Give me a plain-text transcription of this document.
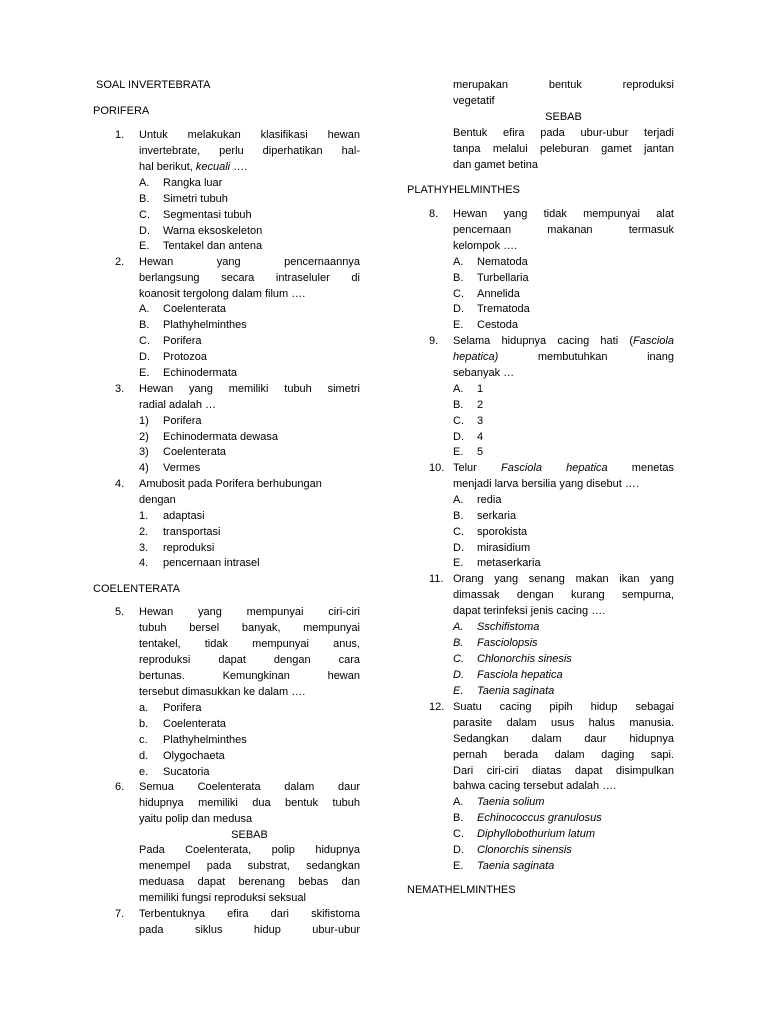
SOAL INVERTEBRATA
PORIFERA
1. Untuk melakukan klasifikasi hewan
invertebrate, perlu diperhatikan hal-
hal berikut, kecuali ….
A. Rangka luar
B. Simetri tubuh
C. Segmentasi tubuh
D. Warna eksoskeleton
E. Tentakel dan antena
2. Hewan yang pencernaannya
berlangsung secara intraseluler di
koanosit tergolong dalam filum ….
A. Coelenterata
B. Plathyhelminthes
C. Porifera
D. Protozoa
E. Echinodermata
3. Hewan yang memiliki tubuh simetri
radial adalah …
1) Porifera
2) Echinodermata dewasa
3) Coelenterata
4) Vermes
4. Amubosit pada Porifera berhubungan
dengan
1. adaptasi
2. transportasi
3. reproduksi
4. pencernaan intrasel
COELENTERATA
5. Hewan yang mempunyai ciri-ciri
tubuh bersel banyak, mempunyai
tentakel, tidak mempunyai anus,
reproduksi dapat dengan cara
bertunas. Kemungkinan hewan
tersebut dimasukkan ke dalam ….
a. Porifera
b. Coelenterata
c. Plathyhelminthes
d. Olygochaeta
e. Sucatoria
6. Semua Coelenterata dalam daur
hidupnya memiliki dua bentuk tubuh
yaitu polip dan medusa
SEBAB
Pada Coelenterata, polip hidupnya
menempel pada substrat, sedangkan
meduasa dapat berenang bebas dan
memiliki fungsi reproduksi seksual
7. Terbentuknya efira dari skifistoma
pada siklus hidup ubur-ubur
merupakan bentuk reproduksi
vegetatif
SEBAB
Bentuk efira pada ubur-ubur terjadi
tanpa melalui peleburan gamet jantan
dan gamet betina
PLATHYHELMINTHES
8. Hewan yang tidak mempunyai alat
pencernaan makanan termasuk
kelompok ….
A. Nematoda
B. Turbellaria
C. Annelida
D. Trematoda
E. Cestoda
9. Selama hidupnya cacing hati (Fasciola
hepatica) membutuhkan inang
sebanyak …
A. 1
B. 2
C. 3
D. 4
E. 5
10. Telur Fasciola hepatica menetas
menjadi larva bersilia yang disebut ….
A. redia
B. serkaria
C. sporokista
D. mirasidium
E. metaserkaria
11. Orang yang senang makan ikan yang
dimassak dengan kurang sempurna,
dapat terinfeksi jenis cacing ….
A. Sschifistoma
B. Fasciolopsis
C. Chlonorchis sinesis
D. Fasciola hepatica
E. Taenia saginata
12. Suatu cacing pipih hidup sebagai
parasite dalam usus halus manusia.
Sedangkan dalam daur hidupnya
pernah berada dalam daging sapi.
Dari ciri-ciri diatas dapat disimpulkan
bahwa cacing tersebut adalah ….
A. Taenia solium
B. Echinococcus granulosus
C. Diphyllobothurium latum
D. Clonorchis sinensis
E. Taenia saginata
NEMATHELMINTHES
